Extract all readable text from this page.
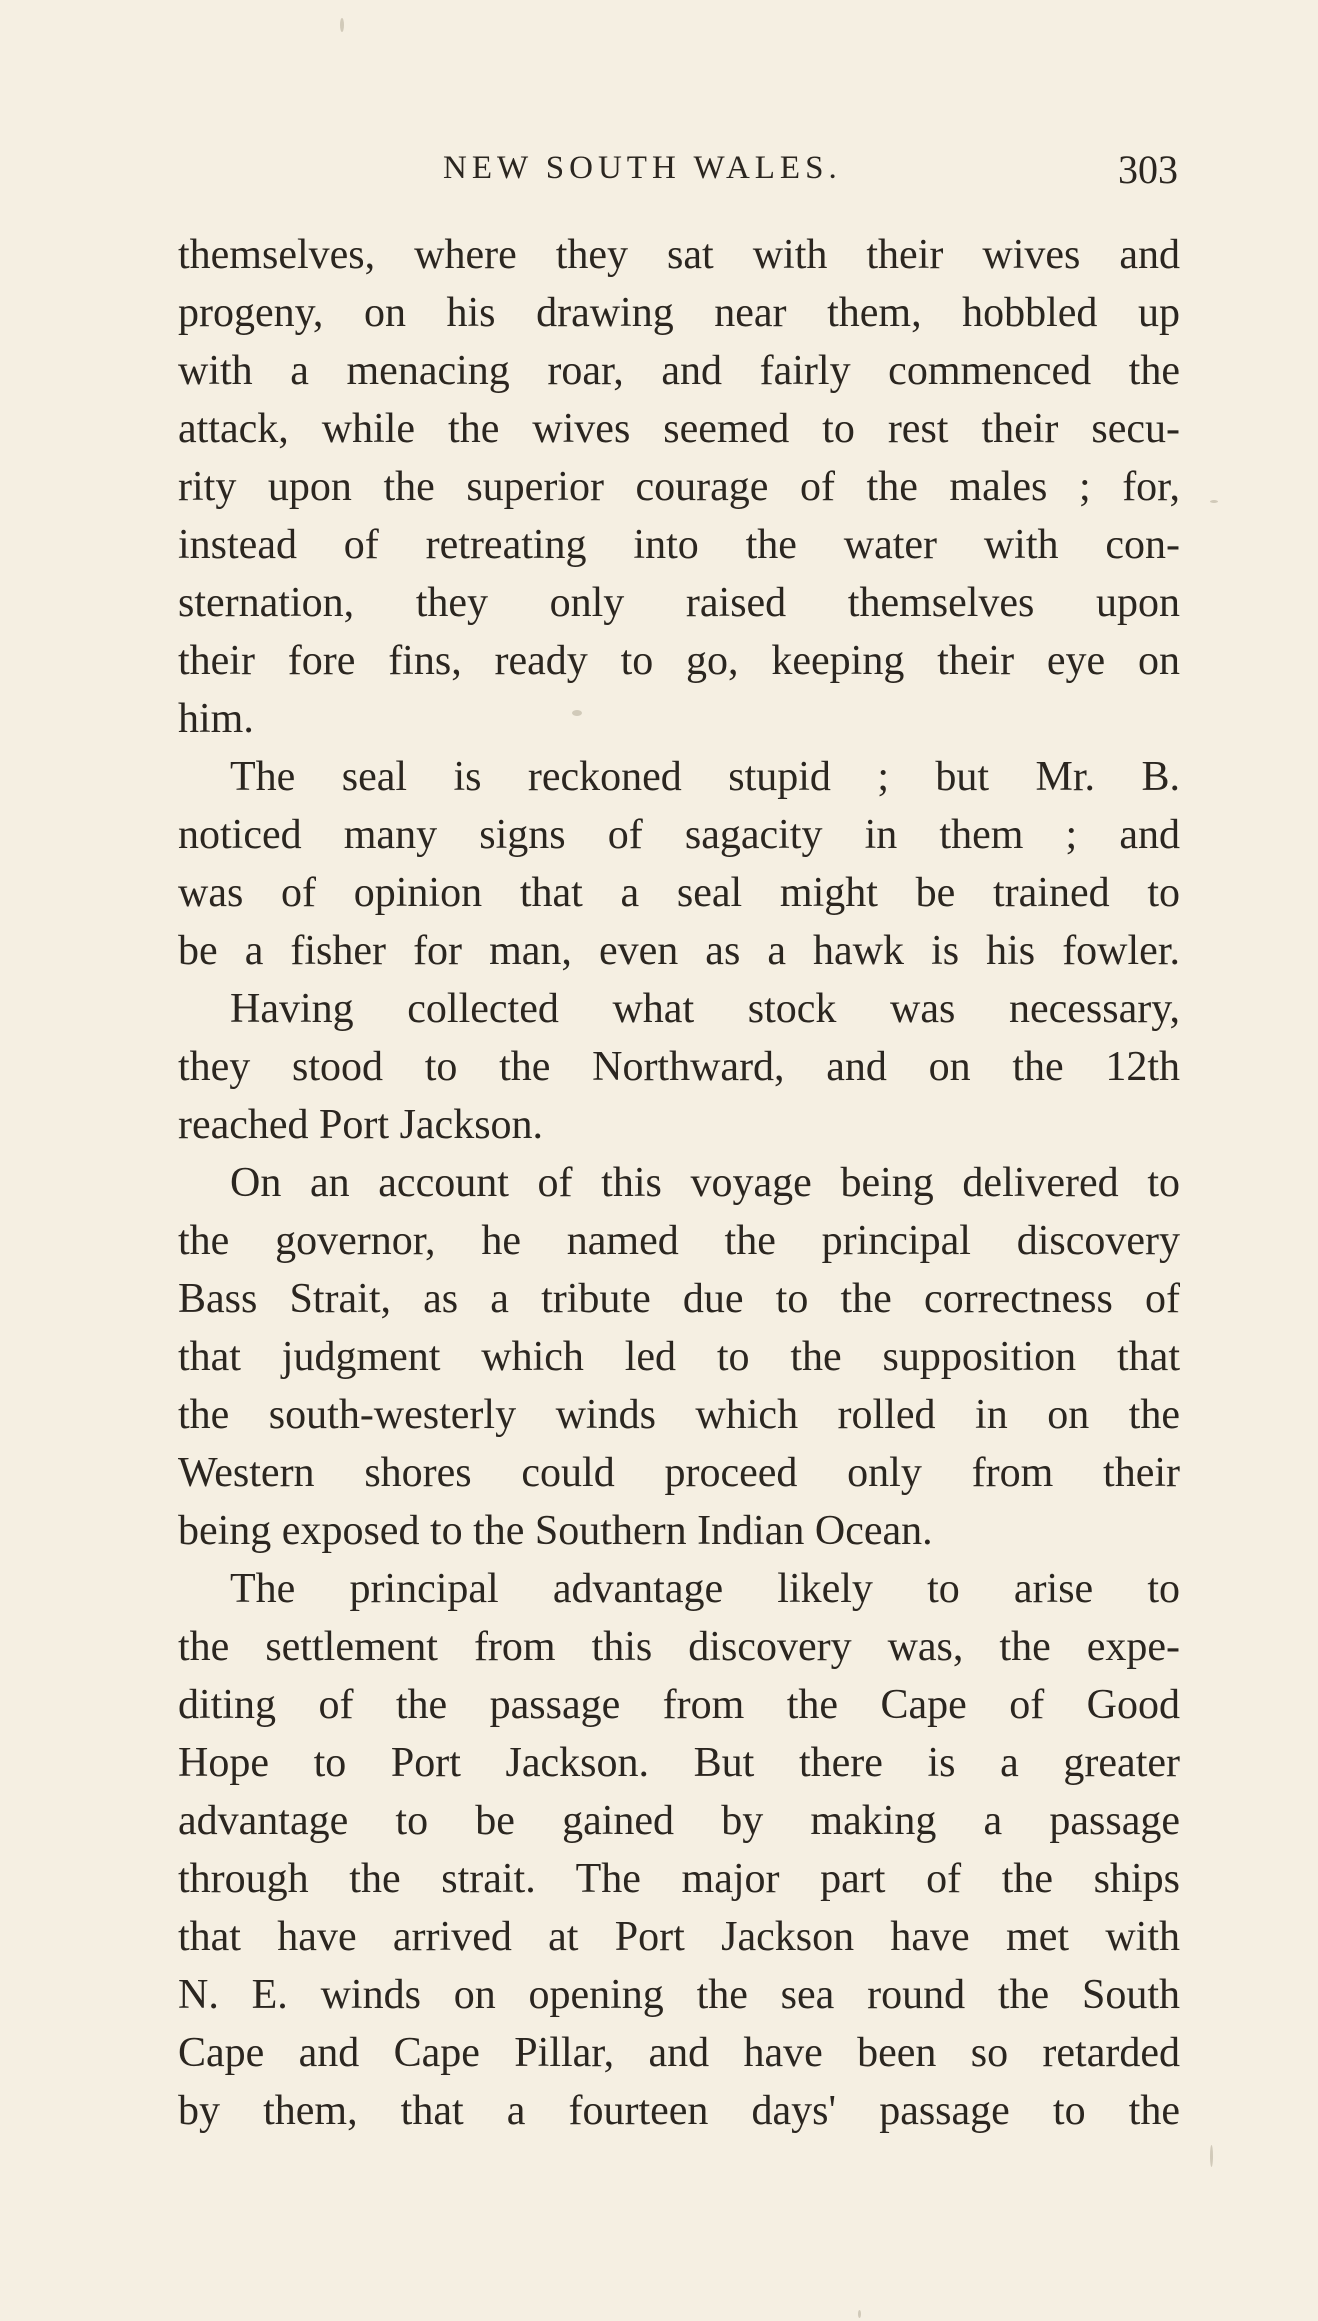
NEW SOUTH WALES.	303
themselves, where they sat with their wives and
progeny, on his drawing near them, hobbled up
with a menacing roar, and fairly commenced the
attack, while the wives seemed to rest their secu-
rity upon the superior courage of the males ; for,
instead of retreating into the water with con-
sternation, they only raised themselves upon
their fore fins, ready to go, keeping their eye on
him.
The seal is reckoned stupid ; but Mr. B.
noticed many signs of sagacity in them ; and
was of opinion that a seal might be trained to
be a fisher for man, even as a hawk is his fowler.
Having collected what stock was necessary,
they stood to the Northward, and on the 12th
reached Port Jackson.
On an account of this voyage being delivered to
the governor, he named the principal discovery
Bass Strait, as a tribute due to the correctness of
that judgment which led to the supposition that
the south-westerly winds which rolled in on the
Western shores could proceed only from their
being exposed to the Southern Indian Ocean.
The principal advantage likely to arise to
the settlement from this discovery was, the expe-
diting of the passage from the Cape of Good
Hope to Port Jackson. But there is a greater
advantage to be gained by making a passage
through the strait. The major part of the ships
that have arrived at Port Jackson have met with
N. E. winds on opening the sea round the South
Cape and Cape Pillar, and have been so retarded
by them, that a fourteen days' passage to the
